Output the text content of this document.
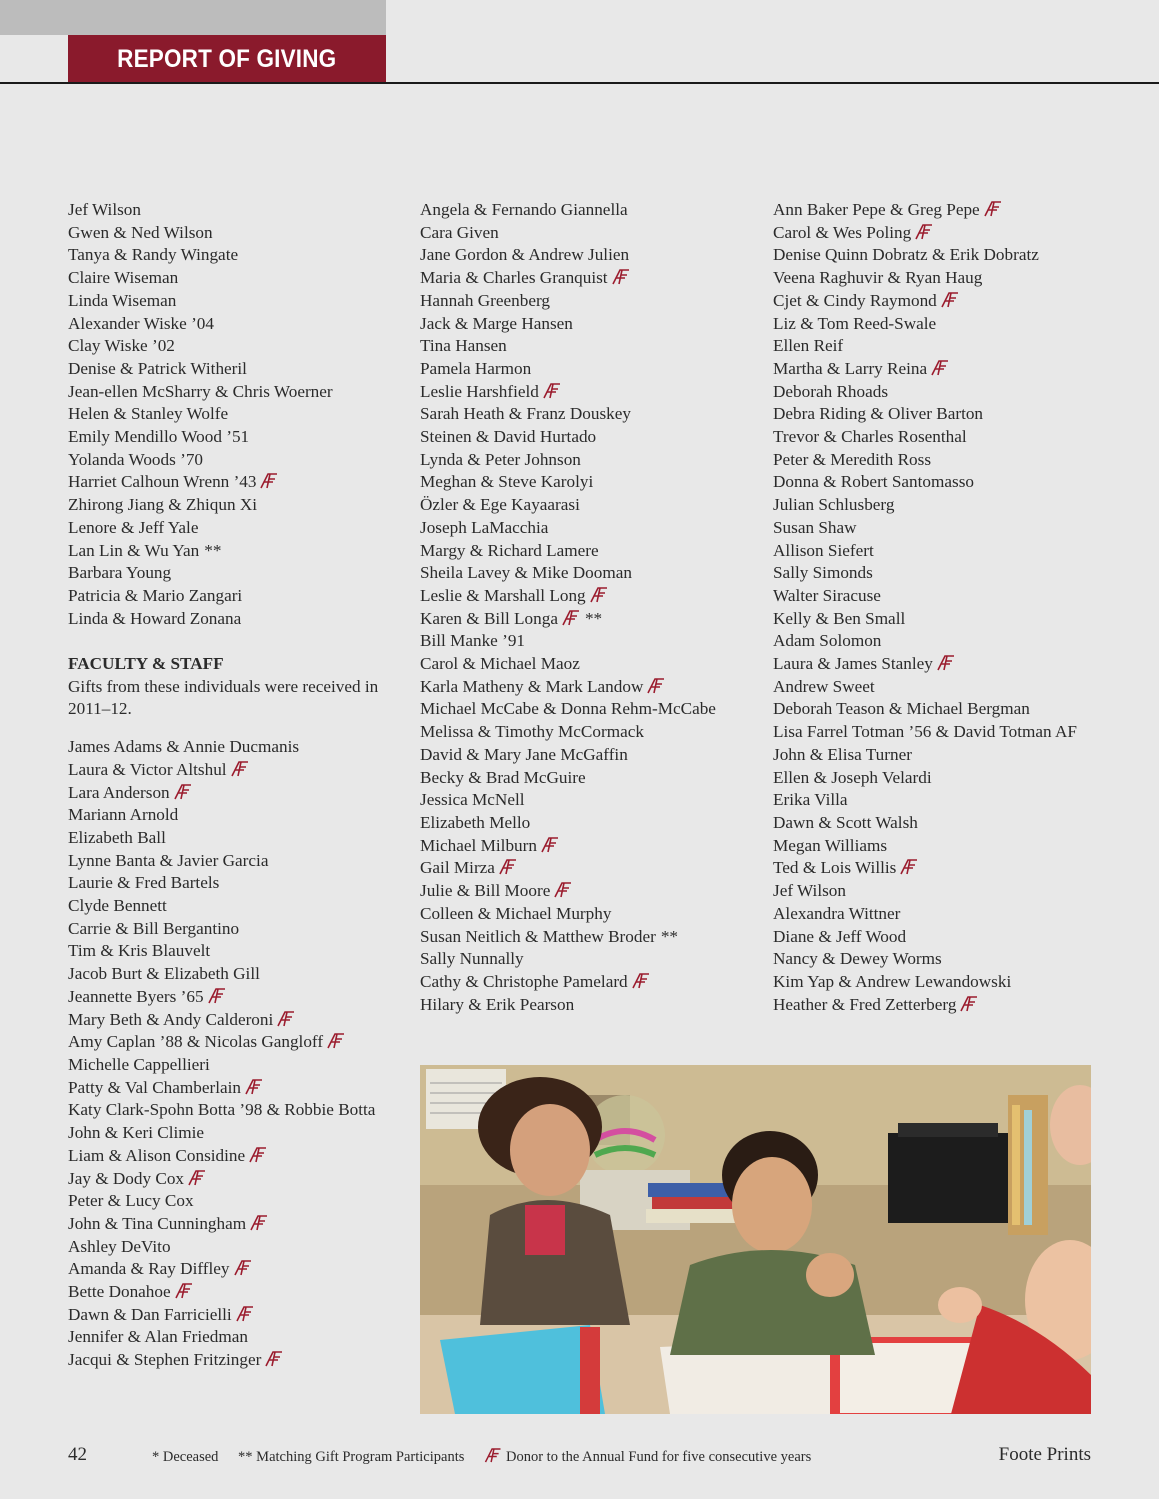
REPORT OF GIVING
Jef Wilson
Gwen & Ned Wilson
Tanya & Randy Wingate
Claire Wiseman
Linda Wiseman
Alexander Wiske ’04
Clay Wiske ’02
Denise & Patrick Witheril
Jean-ellen McSharry & Chris Woerner
Helen & Stanley Wolfe
Emily Mendillo Wood ’51
Yolanda Woods ’70
Harriet Calhoun Wrenn ’43
Zhirong Jiang & Zhiqun Xi
Lenore & Jeff Yale
Lan Lin & Wu Yan **
Barbara Young
Patricia & Mario Zangari
Linda & Howard Zonana
FACULTY & STAFF
Gifts from these individuals were received in 2011–12.
James Adams & Annie Ducmanis
Laura & Victor Altshul
Lara Anderson
Mariann Arnold
Elizabeth Ball
Lynne Banta & Javier Garcia
Laurie & Fred Bartels
Clyde Bennett
Carrie & Bill Bergantino
Tim & Kris Blauvelt
Jacob Burt & Elizabeth Gill
Jeannette Byers ’65
Mary Beth & Andy Calderoni
Amy Caplan ’88 & Nicolas Gangloff
Michelle Cappellieri
Patty & Val Chamberlain
Katy Clark-Spohn Botta ’98 & Robbie Botta
John & Keri Climie
Liam & Alison Considine
Jay & Dody Cox
Peter & Lucy Cox
John & Tina Cunningham
Ashley DeVito
Amanda & Ray Diffley
Bette Donahoe
Dawn & Dan Farricielli
Jennifer & Alan Friedman
Jacqui & Stephen Fritzinger
Angela & Fernando Giannella
Cara Given
Jane Gordon & Andrew Julien
Maria & Charles Granquist
Hannah Greenberg
Jack & Marge Hansen
Tina Hansen
Pamela Harmon
Leslie Harshfield
Sarah Heath & Franz Douskey
Steinen & David Hurtado
Lynda & Peter Johnson
Meghan & Steve Karolyi
Özler & Ege Kayaarasi
Joseph LaMacchia
Margy & Richard Lamere
Sheila Lavey & Mike Dooman
Leslie & Marshall Long
Karen & Bill Longa **
Bill Manke ’91
Carol & Michael Maoz
Karla Matheny & Mark Landow
Michael McCabe & Donna Rehm-McCabe
Melissa & Timothy McCormack
David & Mary Jane McGaffin
Becky & Brad McGuire
Jessica McNell
Elizabeth Mello
Michael Milburn
Gail Mirza
Julie & Bill Moore
Colleen & Michael Murphy
Susan Neitlich & Matthew Broder **
Sally Nunnally
Cathy & Christophe Pamelard
Hilary & Erik Pearson
Ann Baker Pepe & Greg Pepe
Carol & Wes Poling
Denise Quinn Dobratz & Erik Dobratz
Veena Raghuvir & Ryan Haug
Cjet & Cindy Raymond
Liz & Tom Reed-Swale
Ellen Reif
Martha & Larry Reina
Deborah Rhoads
Debra Riding & Oliver Barton
Trevor & Charles Rosenthal
Peter & Meredith Ross
Donna & Robert Santomasso
Julian Schlusberg
Susan Shaw
Allison Siefert
Sally Simonds
Walter Siracuse
Kelly & Ben Small
Adam Solomon
Laura & James Stanley
Andrew Sweet
Deborah Teason & Michael Bergman
Lisa Farrel Totman ’56 & David Totman AF
John & Elisa Turner
Ellen & Joseph Velardi
Erika Villa
Dawn & Scott Walsh
Megan Williams
Ted & Lois Willis
Jef Wilson
Alexandra Wittner
Diane & Jeff Wood
Nancy & Dewey Worms
Kim Yap & Andrew Lewandowski
Heather & Fred Zetterberg
42	* Deceased ** Matching Gift Program Participants	Donor to the Annual Fund for five consecutive years	Foote Prints
